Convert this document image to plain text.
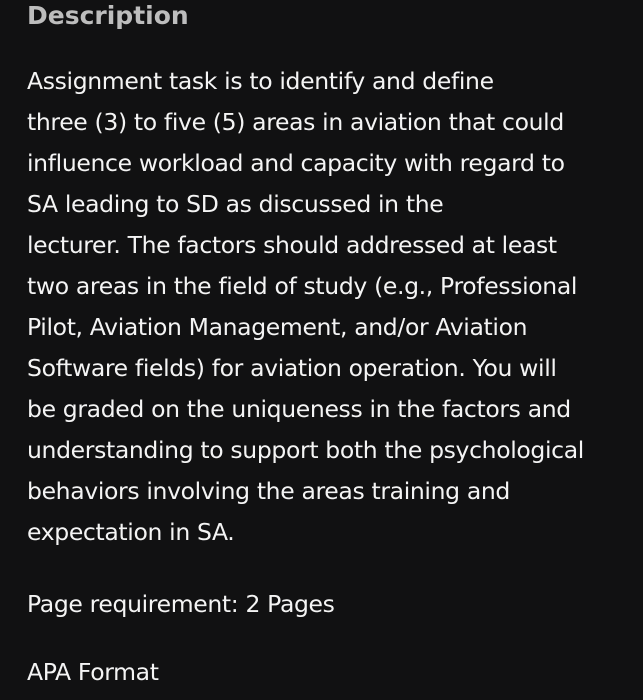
Description
Assignment task is to identify and define
three (3) to five (5) areas in aviation that could
influence workload and capacity with regard to
SA leading to SD as discussed in the
lecturer. The factors should addressed at least
two areas in the field of study (e.g., Professional
Pilot, Aviation Management, and/or Aviation
Software fields) for aviation operation. You will
be graded on the uniqueness in the factors and
understanding to support both the psychological
behaviors involving the areas training and
expectation in SA.

Page requirement: 2 Pages

APA Format
